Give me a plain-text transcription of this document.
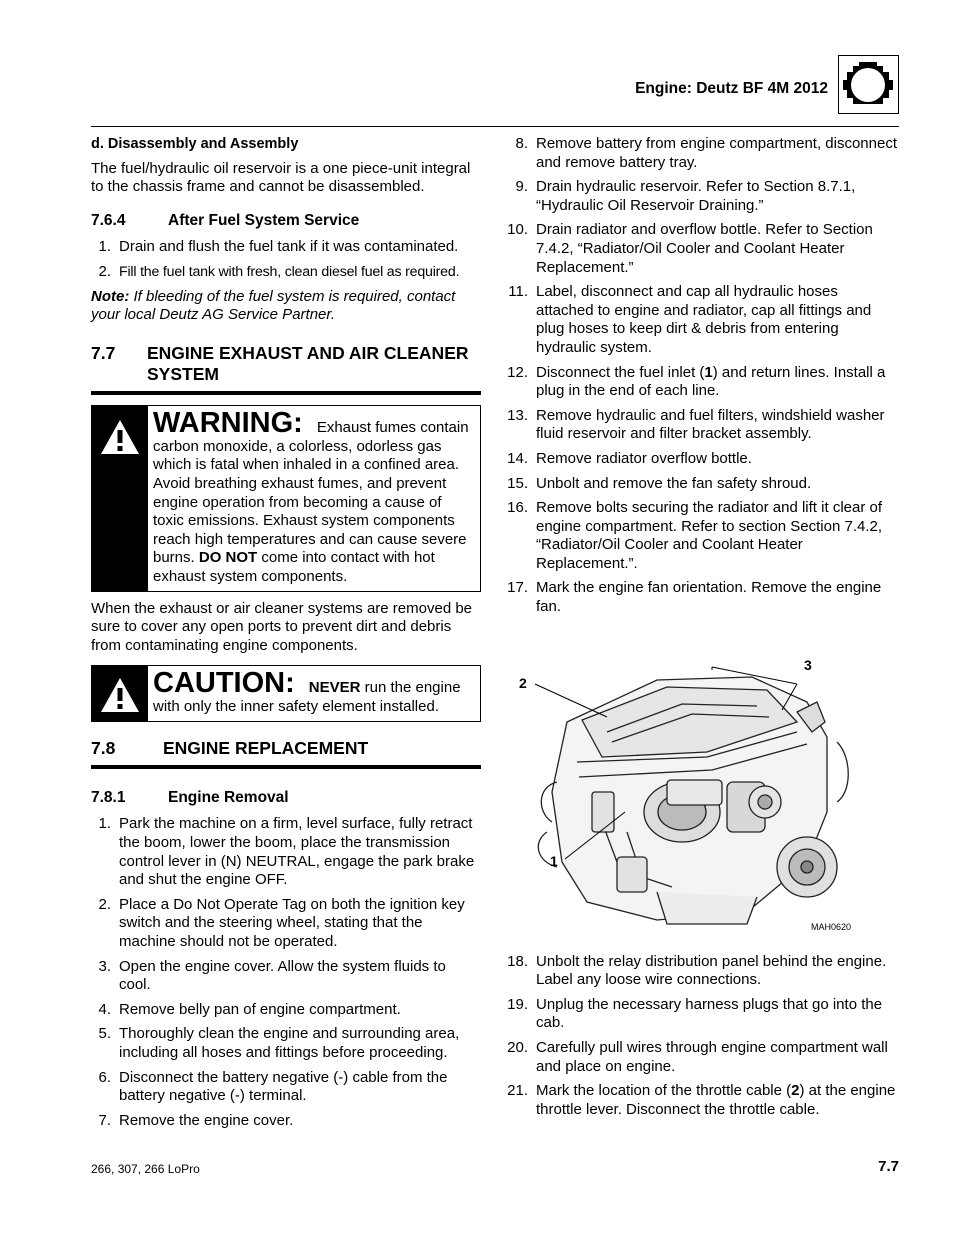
Engine: Deutz BF 4M 2012
d. Disassembly and Assembly

The fuel/hydraulic oil reservoir is a one piece-unit integral to the chassis frame and cannot be disassembled.

7.6.4	After Fuel System Service
1. Drain and flush the fuel tank if it was contaminated.
2. Fill the fuel tank with fresh, clean diesel fuel as required.

Note: If bleeding of the fuel system is required, contact your local Deutz AG Service Partner.

7.7	ENGINE EXHAUST AND AIR CLEANER SYSTEM
WARNING: Exhaust fumes contain carbon monoxide, a colorless, odorless gas which is fatal when inhaled in a confined area. Avoid breathing exhaust fumes, and prevent engine operation from becoming a cause of toxic emissions. Exhaust system components reach high temperatures and can cause severe burns. DO NOT come into contact with hot exhaust system components.

When the exhaust or air cleaner systems are removed be sure to cover any open ports to prevent dirt and debris from contaminating engine components.

CAUTION: NEVER run the engine with only the inner safety element installed.
7.8	ENGINE REPLACEMENT
7.8.1	Engine Removal
1. Park the machine on a firm, level surface, fully retract the boom, lower the boom, place the transmission control lever in (N) NEUTRAL, engage the park brake and shut the engine OFF.
2. Place a Do Not Operate Tag on both the ignition key switch and the steering wheel, stating that the machine should not be operated.
3. Open the engine cover. Allow the system fluids to cool.
4. Remove belly pan of engine compartment.
5. Thoroughly clean the engine and surrounding area, including all hoses and fittings before proceeding.
6. Disconnect the battery negative (-) cable from the battery negative (-) terminal.
7. Remove the engine cover.
8. Remove battery from engine compartment, disconnect and remove battery tray.
9. Drain hydraulic reservoir. Refer to Section 8.7.1, “Hydraulic Oil Reservoir Draining.”
10. Drain radiator and overflow bottle. Refer to Section 7.4.2, “Radiator/Oil Cooler and Coolant Heater Replacement.”
11. Label, disconnect and cap all hydraulic hoses attached to engine and radiator, cap all fittings and plug hoses to keep dirt & debris from entering hydraulic system.
12. Disconnect the fuel inlet (1) and return lines. Install a plug in the end of each line.
13. Remove hydraulic and fuel filters, windshield washer fluid reservoir and filter bracket assembly.
14. Remove radiator overflow bottle.
15. Unbolt and remove the fan safety shroud.
16. Remove bolts securing the radiator and lift it clear of engine compartment. Refer to section Section 7.4.2, “Radiator/Oil Cooler and Coolant Heater Replacement.”.
17. Mark the engine fan orientation. Remove the engine fan.
2
3
1
MAH0620
18. Unbolt the relay distribution panel behind the engine. Label any loose wire connections.
19. Unplug the necessary harness plugs that go into the cab.
20. Carefully pull wires through engine compartment wall and place on engine.
21. Mark the location of the throttle cable (2) at the engine throttle lever. Disconnect the throttle cable.
266, 307, 266 LoPro	7.7
